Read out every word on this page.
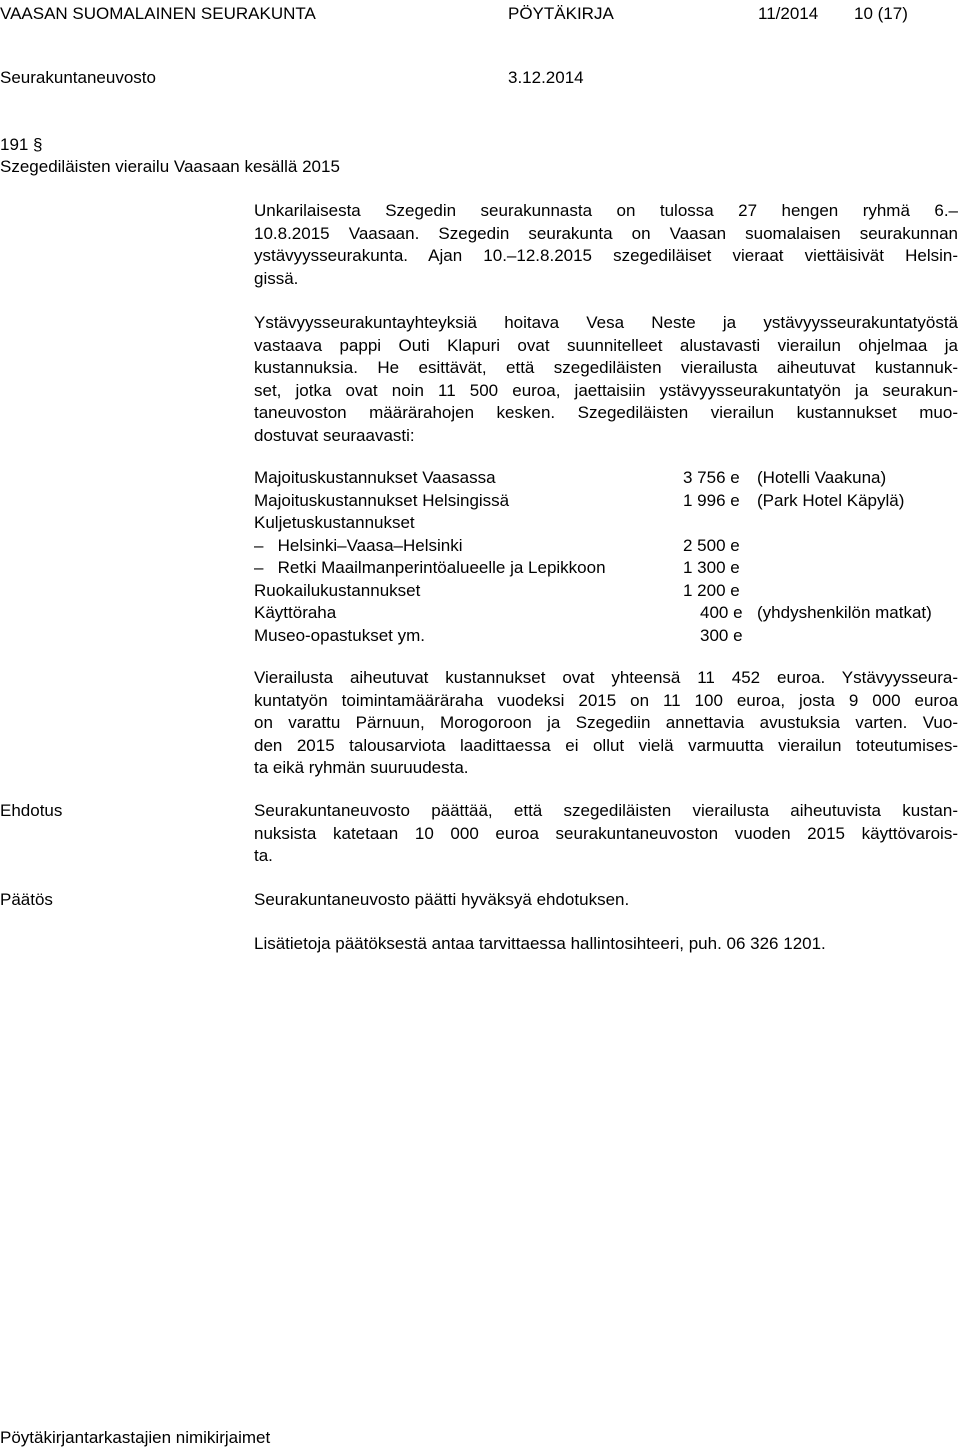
VAASAN SUOMALAINEN SEURAKUNTA	PÖYTÄKIRJA	11/2014 10 (17)
Seurakuntaneuvosto	3.12.2014
191 §
Szegediläisten vierailu Vaasaan kesällä 2015
Unkarilaisesta Szegedin seurakunnasta on tulossa 27 hengen ryhmä 6.–
10.8.2015 Vaasaan. Szegedin seurakunta on Vaasan suomalaisen seurakunnan
ystävyysseurakunta. Ajan 10.–12.8.2015 szegediläiset vieraat viettäisivät Helsin-
gissä.
Ystävyysseurakuntayhteyksiä hoitava Vesa Neste ja ystävyysseurakuntatyöstä
vastaava pappi Outi Klapuri ovat suunnitelleet alustavasti vierailun ohjelmaa ja
kustannuksia. He esittävät, että szegediläisten vierailusta aiheutuvat kustannuk-
set, jotka ovat noin 11 500 euroa, jaettaisiin ystävyysseurakuntatyön ja seurakun-
taneuvoston määrärahojen kesken. Szegediläisten vierailun kustannukset muo-
dostuvat seuraavasti:
Majoituskustannukset Vaasassa	3 756 e (Hotelli Vaakuna)
Majoituskustannukset Helsingissä	1 996 e (Park Hotel Käpylä)
Kuljetuskustannukset
–   Helsinki–Vaasa–Helsinki	2 500 e
–   Retki Maailmanperintöalueelle ja Lepikkoon	1 300 e
Ruokailukustannukset	1 200 e
Käyttöraha	400 e (yhdyshenkilön matkat)
Museo-opastukset ym.	300 e
Vierailusta aiheutuvat kustannukset ovat yhteensä 11 452 euroa. Ystävyysseura-
kuntatyön toimintamääräraha vuodeksi 2015 on 11 100 euroa, josta 9 000 euroa
on varattu Pärnuun, Morogoroon ja Szegediin annettavia avustuksia varten. Vuo-
den 2015 talousarviota laadittaessa ei ollut vielä varmuutta vierailun toteutumises-
ta eikä ryhmän suuruudesta.
Ehdotus	Seurakuntaneuvosto päättää, että szegediläisten vierailusta aiheutuvista kustan-
nuksista katetaan 10 000 euroa seurakuntaneuvoston vuoden 2015 käyttövarois-
ta.
Päätös	Seurakuntaneuvosto päätti hyväksyä ehdotuksen.
Lisätietoja päätöksestä antaa tarvittaessa hallintosihteeri, puh. 06 326 1201.
Pöytäkirjantarkastajien nimikirjaimet
